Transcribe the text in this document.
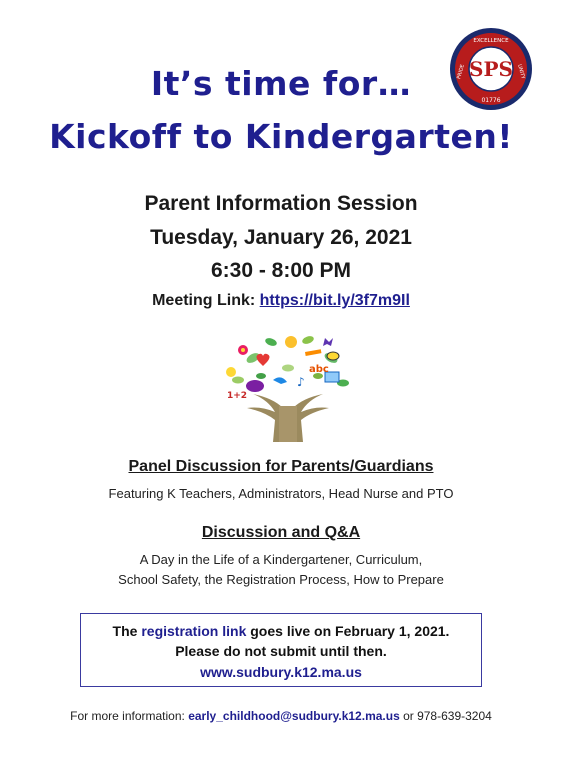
SPS
EXCELLENCE
PRIDE	UNITY
01776
It’s time for…
Kickoff to Kindergarten!
Parent Information Session
Tuesday, January 26, 2021
6:30 - 8:00 PM
Meeting Link: https://bit.ly/3f7m9Il
♪
abc
1+2
Panel Discussion for Parents/Guardians
Featuring K Teachers, Administrators, Head Nurse and PTO
Discussion and Q&A
A Day in the Life of a Kindergartener, Curriculum,
School Safety, the Registration Process, How to Prepare
The registration link goes live on February 1, 2021.
Please do not submit until then.
www.sudbury.k12.ma.us
For more information: early_childhood@sudbury.k12.ma.us or 978-639-3204
